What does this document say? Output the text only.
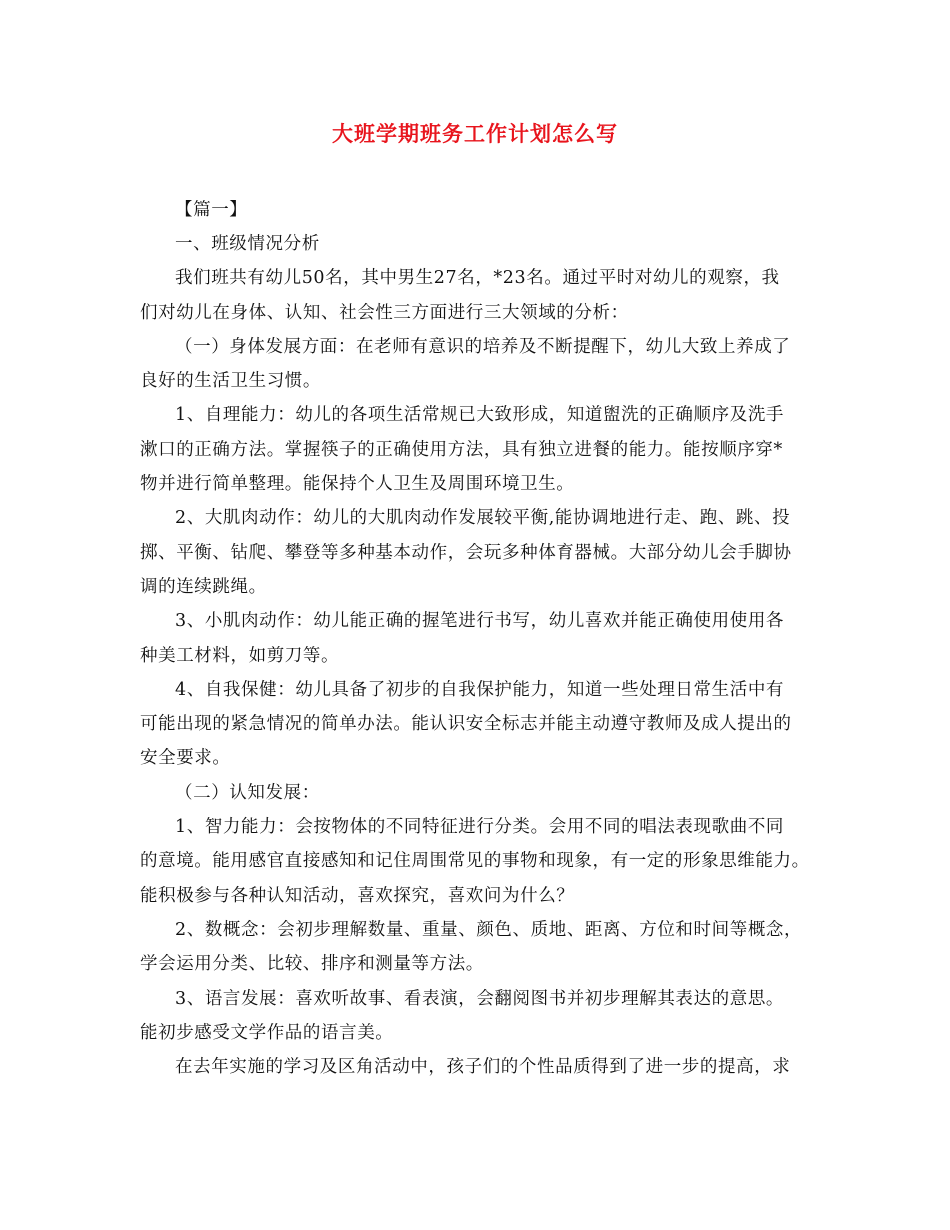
大班学期班务工作计划怎么写
【篇一】
一、班级情况分析
我们班共有幼儿50名，其中男生27名，*23名。通过平时对幼儿的观察，我
们对幼儿在身体、认知、社会性三方面进行三大领域的分析：
（一）身体发展方面：在老师有意识的培养及不断提醒下，幼儿大致上养成了
良好的生活卫生习惯。
1、自理能力：幼儿的各项生活常规已大致形成，知道盥洗的正确顺序及洗手
漱口的正确方法。掌握筷子的正确使用方法，具有独立进餐的能力。能按顺序穿*
物并进行简单整理。能保持个人卫生及周围环境卫生。
2、大肌肉动作：幼儿的大肌肉动作发展较平衡,能协调地进行走、跑、跳、投
掷、平衡、钻爬、攀登等多种基本动作，会玩多种体育器械。大部分幼儿会手脚协
调的连续跳绳。
3、小肌肉动作：幼儿能正确的握笔进行书写，幼儿喜欢并能正确使用使用各
种美工材料，如剪刀等。
4、自我保健：幼儿具备了初步的自我保护能力，知道一些处理日常生活中有
可能出现的紧急情况的简单办法。能认识安全标志并能主动遵守教师及成人提出的
安全要求。
（二）认知发展：
1、智力能力：会按物体的不同特征进行分类。会用不同的唱法表现歌曲不同
的意境。能用感官直接感知和记住周围常见的事物和现象，有一定的形象思维能力。
能积极参与各种认知活动，喜欢探究，喜欢问为什么？
2、数概念：会初步理解数量、重量、颜色、质地、距离、方位和时间等概念，
学会运用分类、比较、排序和测量等方法。
3、语言发展：喜欢听故事、看表演，会翻阅图书并初步理解其表达的意思。
能初步感受文学作品的语言美。
在去年实施的学习及区角活动中，孩子们的个性品质得到了进一步的提高，求
